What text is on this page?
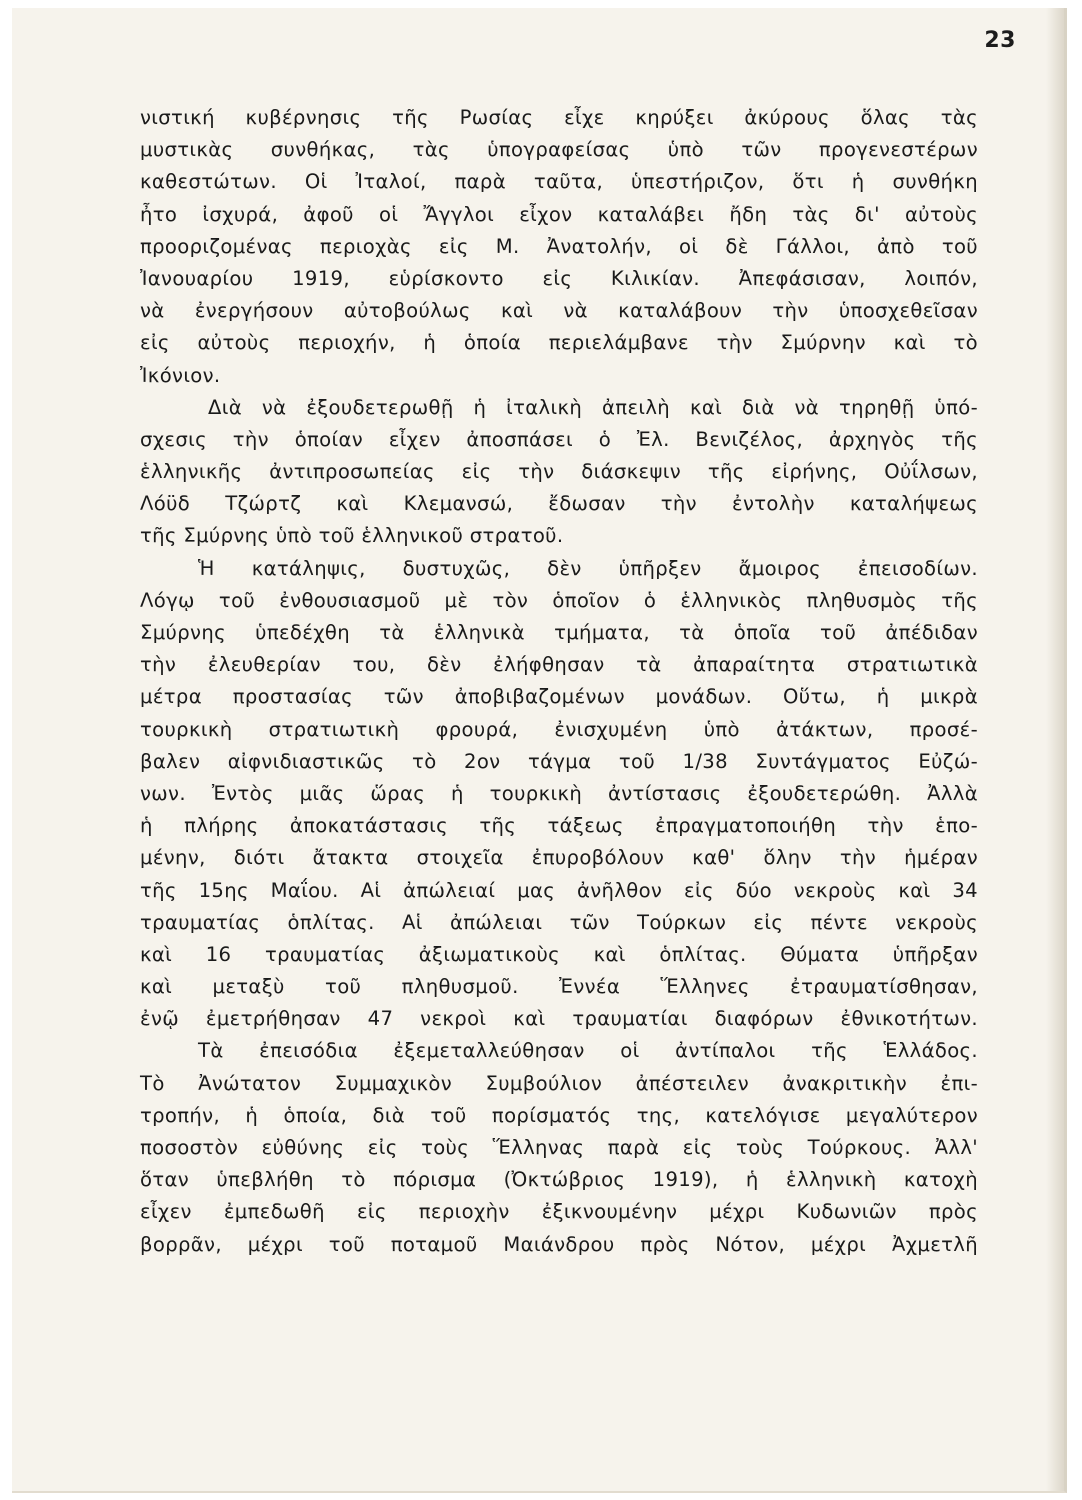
23
νιστική κυβέρνησις τῆς Ρωσίας εἶχε κηρύξει ἀκύρους ὅλας τὰς
μυστικὰς συνθήκας, τὰς ὑπογραφείσας ὑπὸ τῶν προγενεστέρων
καθεστώτων. Οἱ Ἰταλοί, παρὰ ταῦτα, ὑπεστήριζον, ὅτι ἡ συνθήκη
ἦτο ἰσχυρά, ἀφοῦ οἱ Ἄγγλοι εἶχον καταλάβει ἤδη τὰς δι' αὐτοὺς
προοριζομένας περιοχὰς εἰς Μ. Ἀνατολήν, οἱ δὲ Γάλλοι, ἀπὸ τοῦ
Ἰανουαρίου 1919, εὑρίσκοντο εἰς Κιλικίαν. Ἀπεφάσισαν, λοιπόν,
νὰ ἐνεργήσουν αὐτοβούλως καὶ νὰ καταλάβουν τὴν ὑποσχεθεῖσαν
εἰς αὐτοὺς περιοχήν, ἡ ὁποία περιελάμβανε τὴν Σμύρνην καὶ τὸ
Ἰκόνιον.
Διὰ νὰ ἐξουδετερωθῇ ἡ ἰταλικὴ ἀπειλὴ καὶ διὰ νὰ τηρηθῇ ὑπό-
σχεσις τὴν ὁποίαν εἶχεν ἀποσπάσει ὁ Ἐλ. Βενιζέλος, ἀρχηγὸς τῆς
ἑλληνικῆς ἀντιπροσωπείας εἰς τὴν διάσκεψιν τῆς εἰρήνης, Οὐΐλσων,
Λόϋδ Τζώρτζ καὶ Κλεμανσώ, ἔδωσαν τὴν ἐντολὴν καταλήψεως
τῆς Σμύρνης ὑπὸ τοῦ ἑλληνικοῦ στρατοῦ.
Ἡ κατάληψις, δυστυχῶς, δὲν ὑπῆρξεν ἄμοιρος ἐπεισοδίων.
Λόγῳ τοῦ ἐνθουσιασμοῦ μὲ τὸν ὁποῖον ὁ ἑλληνικὸς πληθυσμὸς τῆς
Σμύρνης ὑπεδέχθη τὰ ἑλληνικὰ τμήματα, τὰ ὁποῖα τοῦ ἀπέδιδαν
τὴν ἐλευθερίαν του, δὲν ἐλήφθησαν τὰ ἀπαραίτητα στρατιωτικὰ
μέτρα προστασίας τῶν ἀποβιβαζομένων μονάδων. Οὕτω, ἡ μικρὰ
τουρκικὴ στρατιωτικὴ φρουρά, ἐνισχυμένη ὑπὸ ἀτάκτων, προσέ-
βαλεν αἰφνιδιαστικῶς τὸ 2ον τάγμα τοῦ 1/38 Συντάγματος Εὐζώ-
νων. Ἐντὸς μιᾶς ὥρας ἡ τουρκικὴ ἀντίστασις ἐξουδετερώθη. Ἀλλὰ
ἡ πλήρης ἀποκατάστασις τῆς τάξεως ἐπραγματοποιήθη τὴν ἑπο-
μένην, διότι ἄτακτα στοιχεῖα ἐπυροβόλουν καθ' ὅλην τὴν ἡμέραν
τῆς 15ης Μαΐου. Αἱ ἀπώλειαί μας ἀνῆλθον εἰς δύο νεκροὺς καὶ 34
τραυματίας ὁπλίτας. Αἱ ἀπώλειαι τῶν Τούρκων εἰς πέντε νεκροὺς
καὶ 16 τραυματίας ἀξιωματικοὺς καὶ ὁπλίτας. Θύματα ὑπῆρξαν
καὶ μεταξὺ τοῦ πληθυσμοῦ. Ἐννέα Ἕλληνες ἐτραυματίσθησαν,
ἐνῷ ἐμετρήθησαν 47 νεκροὶ καὶ τραυματίαι διαφόρων ἐθνικοτήτων.
Τὰ ἐπεισόδια ἐξεμεταλλεύθησαν οἱ ἀντίπαλοι τῆς Ἑλλάδος.
Τὸ Ἀνώτατον Συμμαχικὸν Συμβούλιον ἀπέστειλεν ἀνακριτικὴν ἐπι-
τροπήν, ἡ ὁποία, διὰ τοῦ πορίσματός της, κατελόγισε μεγαλύτερον
ποσοστὸν εὐθύνης εἰς τοὺς Ἕλληνας παρὰ εἰς τοὺς Τούρκους. Ἀλλ'
ὅταν ὑπεβλήθη τὸ πόρισμα (Ὀκτώβριος 1919), ἡ ἑλληνικὴ κατοχὴ
εἶχεν ἐμπεδωθῆ εἰς περιοχὴν ἐξικνουμένην μέχρι Κυδωνιῶν πρὸς
βορρᾶν, μέχρι τοῦ ποταμοῦ Μαιάνδρου πρὸς Νότον, μέχρι Ἀχμετλῆ
